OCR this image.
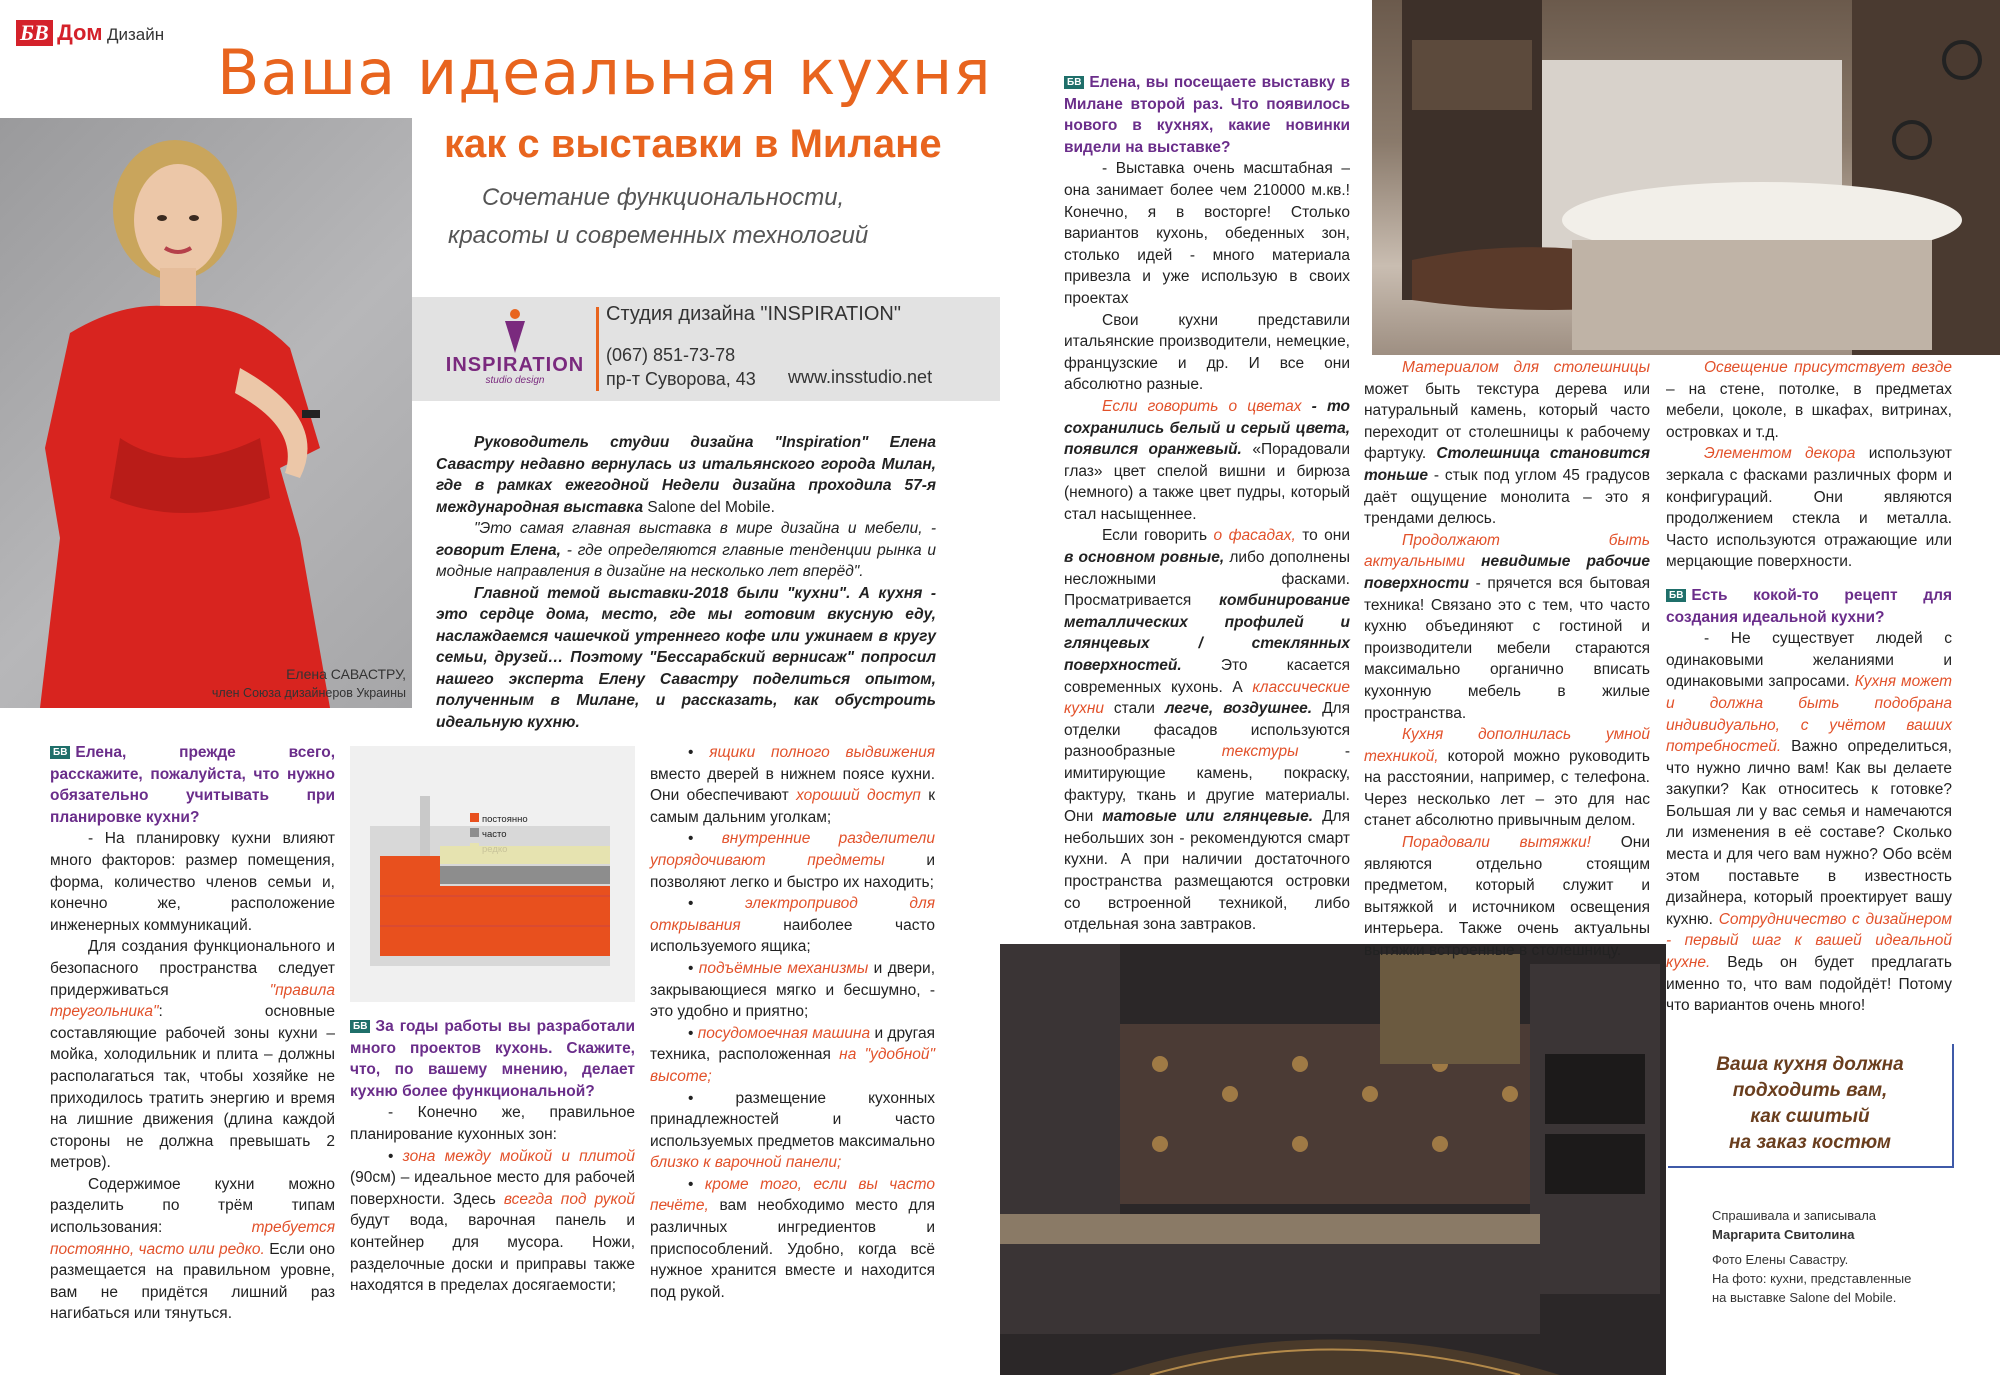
БВ Дом Дизайн
Ваша идеальная кухня
как с выставки в Милане
Сочетание функциональности,
красоты и современных технологий
Елена САВАСТРУ,
член Союза дизайнеров Украины
INSPIRATION
studio design
Студия дизайна "INSPIRATION"
(067) 851-73-78
пр-т Суворова, 43 www.insstudio.net

Руководитель студии дизайна "Inspiration" Елена Савастру недавно вернулась из итальянского города Милан, где в рамках ежегодной Недели дизайна проходила 57-я международная выставка Salone del Mobile.

"Это самая главная выставка в мире дизайна и мебели, - говорит Елена, - где определяются главные тенденции рынка и модные направления в дизайне на несколько лет вперёд".

Главной темой выставки-2018 были "кухни". А кухня - это сердце дома, место, где мы готовим вкусную еду, наслаждаемся чашечкой утреннего кофе или ужинаем в кругу семьи, друзей… Поэтому "Бессарабский вернисаж" попросил нашего эксперта Елену Савастру поделиться опытом, полученным в Милане, и рассказать, как обустроить идеальную кухню.

БВ Елена, прежде всего, расскажите, пожалуйста, что нужно обязательно учитывать при планировке кухни?

- На планировку кухни влияют много факторов: размер помещения, форма, количество членов семьи и, конечно же, расположение инженерных коммуникаций.

Для создания функционального и безопасного пространства следует придерживаться	"правила треугольника": основные составляющие рабочей зоны кухни – мойка, холодильник и плита – должны располагаться так, чтобы хозяйке не приходилось тратить энергию и время на лишние движения (длина каждой стороны не должна превышать 2 метров).

Содержимое кухни можно разделить по трём типам использования:	требуется постоянно, часто или редко. Если оно размещается на правильном уровне, вам не придётся лишний раз нагибаться или тянуться.

постоянно
часто
редко

БВ За годы работы вы разработали много проектов кухонь. Скажите, что, по вашему мнению, делает кухню более функциональной?

- Конечно же, правильное планирование кухонных зон:

• зона между мойкой и плитой (90см) – идеальное место для рабочей поверхности. Здесь всегда под рукой будут вода, варочная панель и контейнер для мусора. Ножи, разделочные доски и приправы также находятся в пределах досягаемости;

• ящики полного выдвижения вместо дверей в нижнем поясе кухни. Они обеспечивают хороший доступ к самым дальним уголкам;

• внутренние разделители упорядочивают предметы	и позволяют легко и быстро их находить;

• электропривод для открывания	наиболее часто используемого ящика;

• подъёмные механизмы и двери, закрывающиеся мягко и бесшумно, - это удобно и приятно;

• посудомоечная машина и другая техника, расположенная на "удобной" высоте;

• размещение кухонных принадлежностей и часто используемых предметов максимально близко к варочной панели;

• кроме того, если вы часто печёте, вам необходимо место для различных ингредиентов и приспособлений. Удобно, когда всё нужное хранится вместе и находится под рукой.

БВ Елена, вы посещаете выставку в Милане второй раз. Что появилось нового в кухнях, какие новинки видели на выставке?

- Выставка очень масштабная – она занимает более чем 210000 м.кв.! Конечно, я в восторге! Столько вариантов кухонь, обеденных зон, столько идей - много материала привезла и уже использую в своих проектах

Свои кухни представили итальянские производители, немецкие, французские и др. И все они абсолютно разные.

Если говорить о цветах - то сохранились белый и серый цвета, появился оранжевый. «Порадовали глаз» цвет спелой вишни и бирюза (немного) а также цвет пудры, который стал насыщеннее.

Если говорить о фасадах, то они в основном ровные, либо дополнены несложными фасками. Просматривается комбинирование металлических профилей и глянцевых / стеклянных поверхностей.	Это касается современных кухонь. А классические кухни стали легче, воздушнее. Для отделки фасадов используются разнообразные	текстуры	- имитирующие камень, покраску, фактуру, ткань и другие материалы. Они матовые или глянцевые. Для небольших зон - рекомендуются смарт кухни. А при наличии достаточного пространства размещаются островки со встроенной техникой, либо отдельная зона завтраков.

Материалом для столешницы может быть текстура дерева или натуральный камень, который часто переходит от столешницы к рабочему фартуку. Столешница становится тоньше - стык под углом 45 градусов даёт ощущение монолита – это я трендами делюсь.

Продолжают быть актуальными невидимые рабочие поверхности - прячется вся бытовая техника! Связано это с тем, что часто кухню объединяют с гостиной и производители мебели стараются максимально органично вписать кухонную мебель в жилые пространства.

Кухня дополнилась умной техникой, которой можно руководить на расстоянии, например, с телефона. Через несколько лет – это для нас станет абсолютно привычным делом.

Порадовали вытяжки! Они являются отдельно стоящим предметом, который служит и вытяжкой и источником освещения интерьера. Также очень актуальны вытяжки встроенные в столешницу.

Освещение присутствует везде – на стене, потолке, в предметах мебели, цоколе, в шкафах, витринах, островках и т.д.

Элементом декора используют зеркала с фасками различных форм и конфигураций. Они являются продолжением стекла и металла. Часто используются отражающие или мерцающие поверхности.

БВ Есть кокой-то рецепт для создания идеальной кухни?

- Не существует людей с одинаковыми желаниями и одинаковыми запросами. Кухня может и должна быть подобрана индивидуально, с учётом ваших потребностей. Важно определиться, что нужно лично вам! Как вы делаете закупки? Как относитесь к готовке? Большая ли у вас семья и намечаются ли изменения в её составе? Сколько места и для чего вам нужно? Обо всём этом поставьте в известность дизайнера, который проектирует вашу кухню. Сотрудничество с дизайнером - первый шаг к вашей идеальной кухне. Ведь он будет предлагать именно то, что вам подойдёт! Потому что вариантов очень много!

Ваша кухня должна
подходить вам,
как сшитый
на заказ костюм
Спрашивала и записывала
Маргарита Свитолина
Фото Елены Савастру.
На фото: кухни, представленные
на выставке Salone del Mobile.
